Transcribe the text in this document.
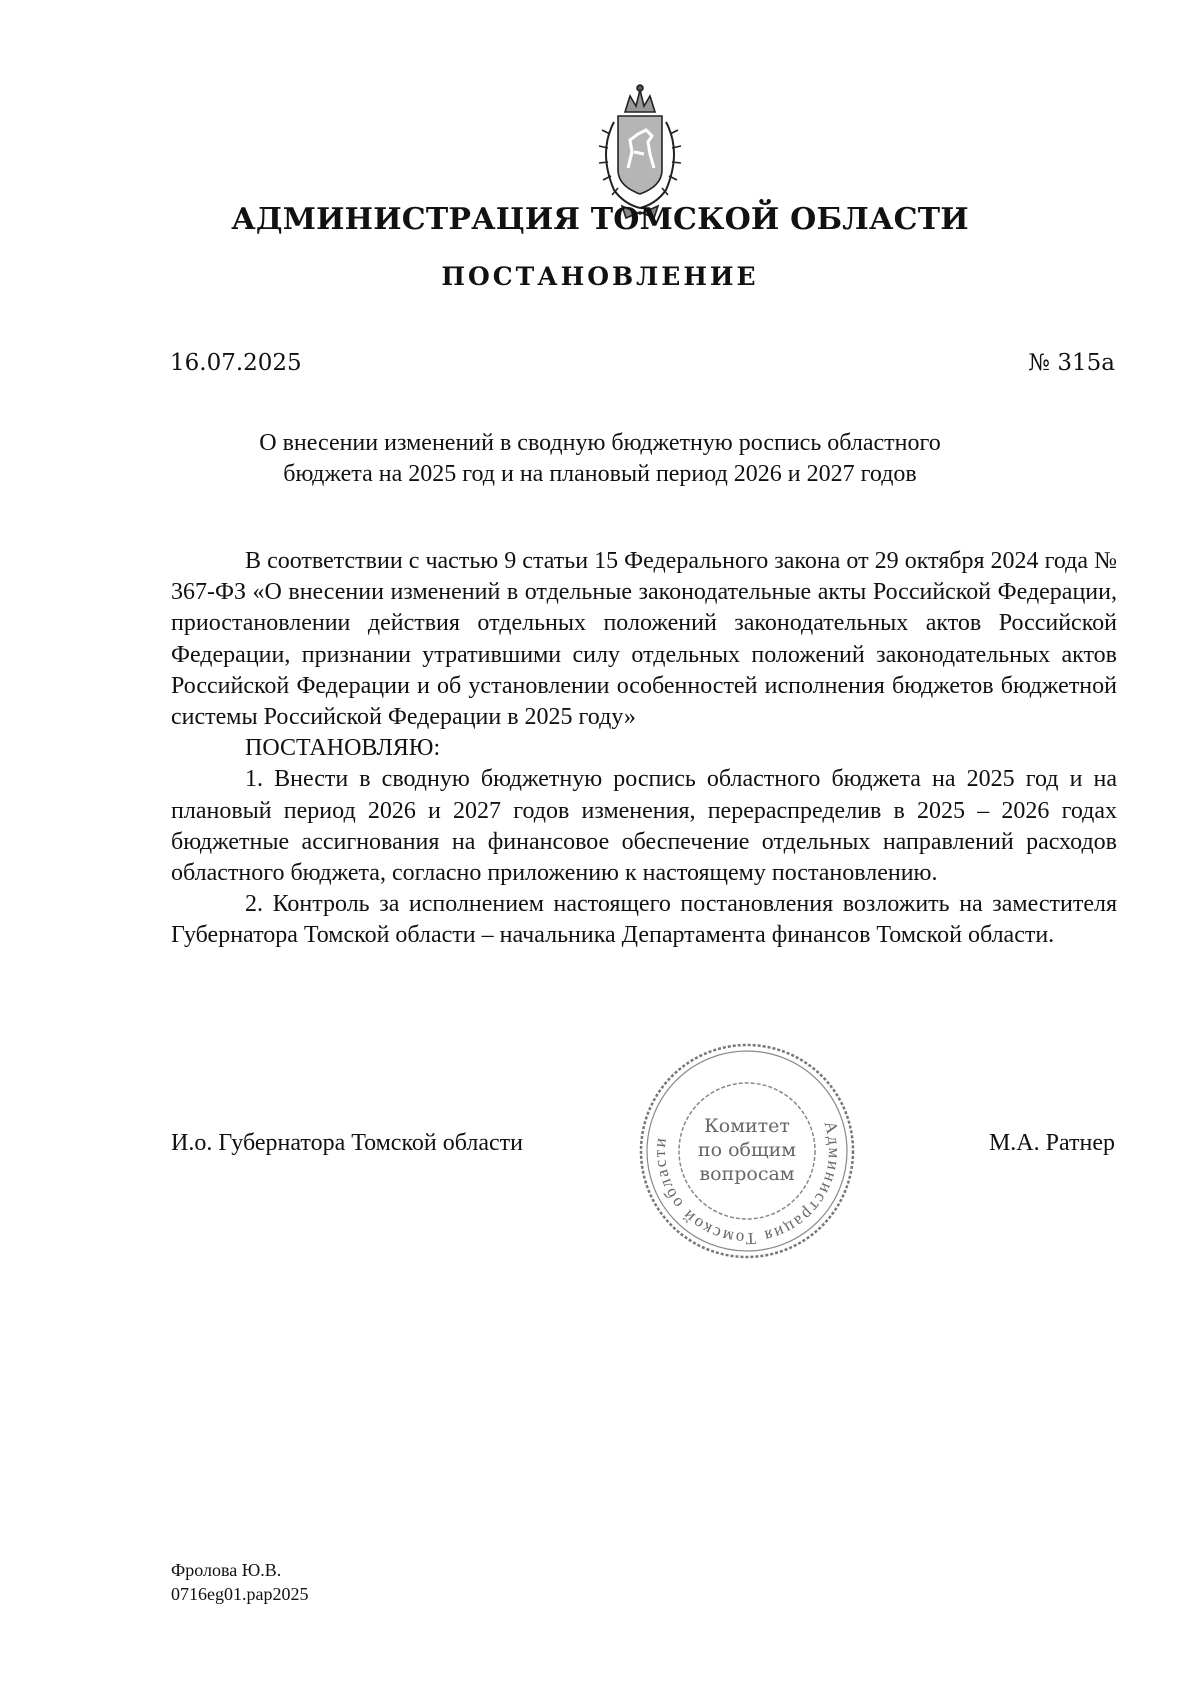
АДМИНИСТРАЦИЯ ТОМСКОЙ ОБЛАСТИ
ПОСТАНОВЛЕНИЕ
16.07.2025	№ 315а
О внесении изменений в сводную бюджетную роспись областного
бюджета на 2025 год и на плановый период 2026 и 2027 годов

В соответствии с частью 9 статьи 15 Федерального закона от 29 октября 2024 года № 367-ФЗ «О внесении изменений в отдельные законодательные акты Российской Федерации, приостановлении действия отдельных положений законодательных актов Российской Федерации, признании утратившими силу отдельных положений законодательных актов Российской Федерации и об установлении особенностей исполнения бюджетов бюджетной системы Российской Федерации в 2025 году»

ПОСТАНОВЛЯЮ:

1. Внести в сводную бюджетную роспись областного бюджета на 2025 год и на плановый период 2026 и 2027 годов изменения, перераспределив в 2025 – 2026 годах бюджетные ассигнования на финансовое обеспечение отдельных направлений расходов областного бюджета, согласно приложению к настоящему постановлению.

2. Контроль за исполнением настоящего постановления возложить на заместителя Губернатора Томской области – начальника Департамента финансов Томской области.

И.о. Губернатора Томской области	М.А. Ратнер
Администрация Томской области
Комитет
по общим
вопросам
Фролова Ю.В.
0716eg01.pap2025
